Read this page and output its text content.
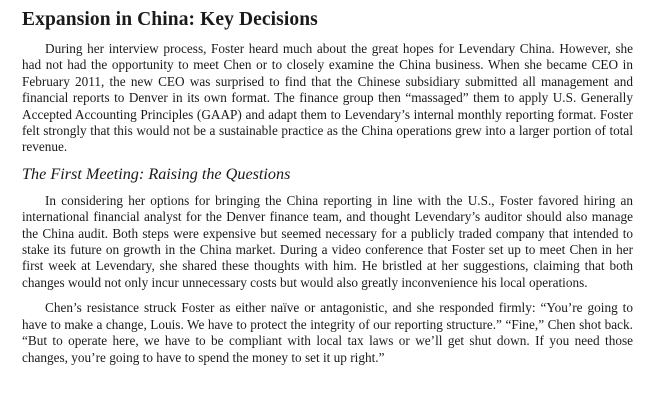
Expansion in China: Key Decisions

During her interview process, Foster heard much about the great hopes for Levendary China. However, she had not had the opportunity to meet Chen or to closely examine the China business. When she became CEO in February 2011, the new CEO was surprised to find that the Chinese subsidiary submitted all management and financial reports to Denver in its own format. The finance group then “massaged” them to apply U.S. Generally Accepted Accounting Principles (GAAP) and adapt them to Levendary’s internal monthly reporting format. Foster felt strongly that this would not be a sustainable practice as the China operations grew into a larger portion of total revenue.

The First Meeting: Raising the Questions

In considering her options for bringing the China reporting in line with the U.S., Foster favored hiring an international financial analyst for the Denver finance team, and thought Levendary’s auditor should also manage the China audit. Both steps were expensive but seemed necessary for a publicly traded company that intended to stake its future on growth in the China market. During a video conference that Foster set up to meet Chen in her first week at Levendary, she shared these thoughts with him. He bristled at her suggestions, claiming that both changes would not only incur unnecessary costs but would also greatly inconvenience his local operations.

Chen’s resistance struck Foster as either naïve or antagonistic, and she responded firmly: “You’re going to have to make a change, Louis. We have to protect the integrity of our reporting structure.” “Fine,” Chen shot back. “But to operate here, we have to be compliant with local tax laws or we’ll get shut down. If you need those changes, you’re going to have to spend the money to set it up right.”
